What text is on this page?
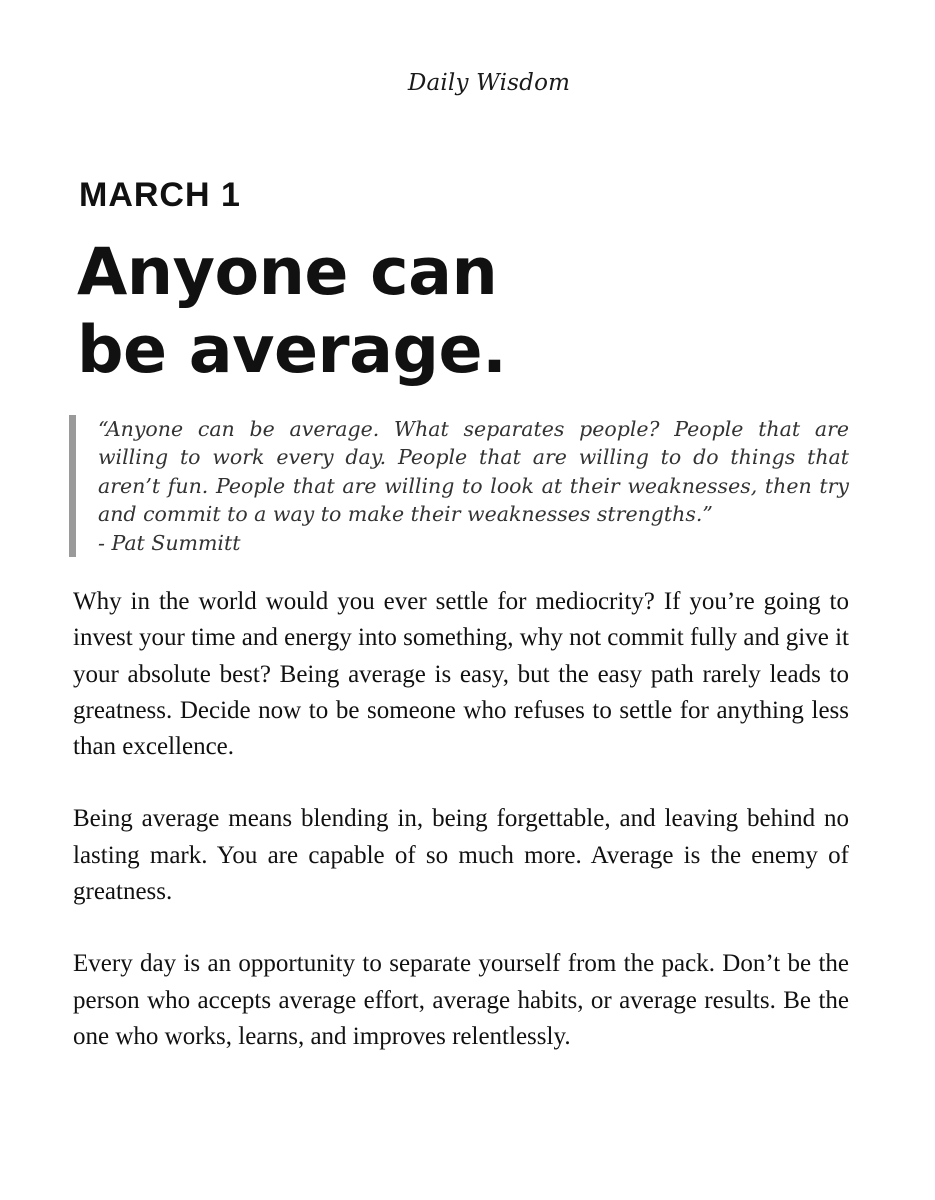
Daily Wisdom
MARCH 1
Anyone can
be average.

“Anyone can be average. What separates people? People that are willing to work every day. People that are willing to do things that aren’t fun. People that are willing to look at their weaknesses, then try and commit to a way to make their weaknesses strengths.”

- Pat Summitt

Why in the world would you ever settle for mediocrity? If you’re going to invest your time and energy into something, why not commit fully and give it your absolute best? Being average is easy, but the easy path rarely leads to greatness. Decide now to be someone who refuses to settle for anything less than excellence.

Being average means blending in, being forgettable, and leaving behind no lasting mark. You are capable of so much more. Average is the enemy of greatness.

Every day is an opportunity to separate yourself from the pack. Don’t be the person who accepts average effort, average habits, or average results. Be the one who works, learns, and improves relentlessly.
